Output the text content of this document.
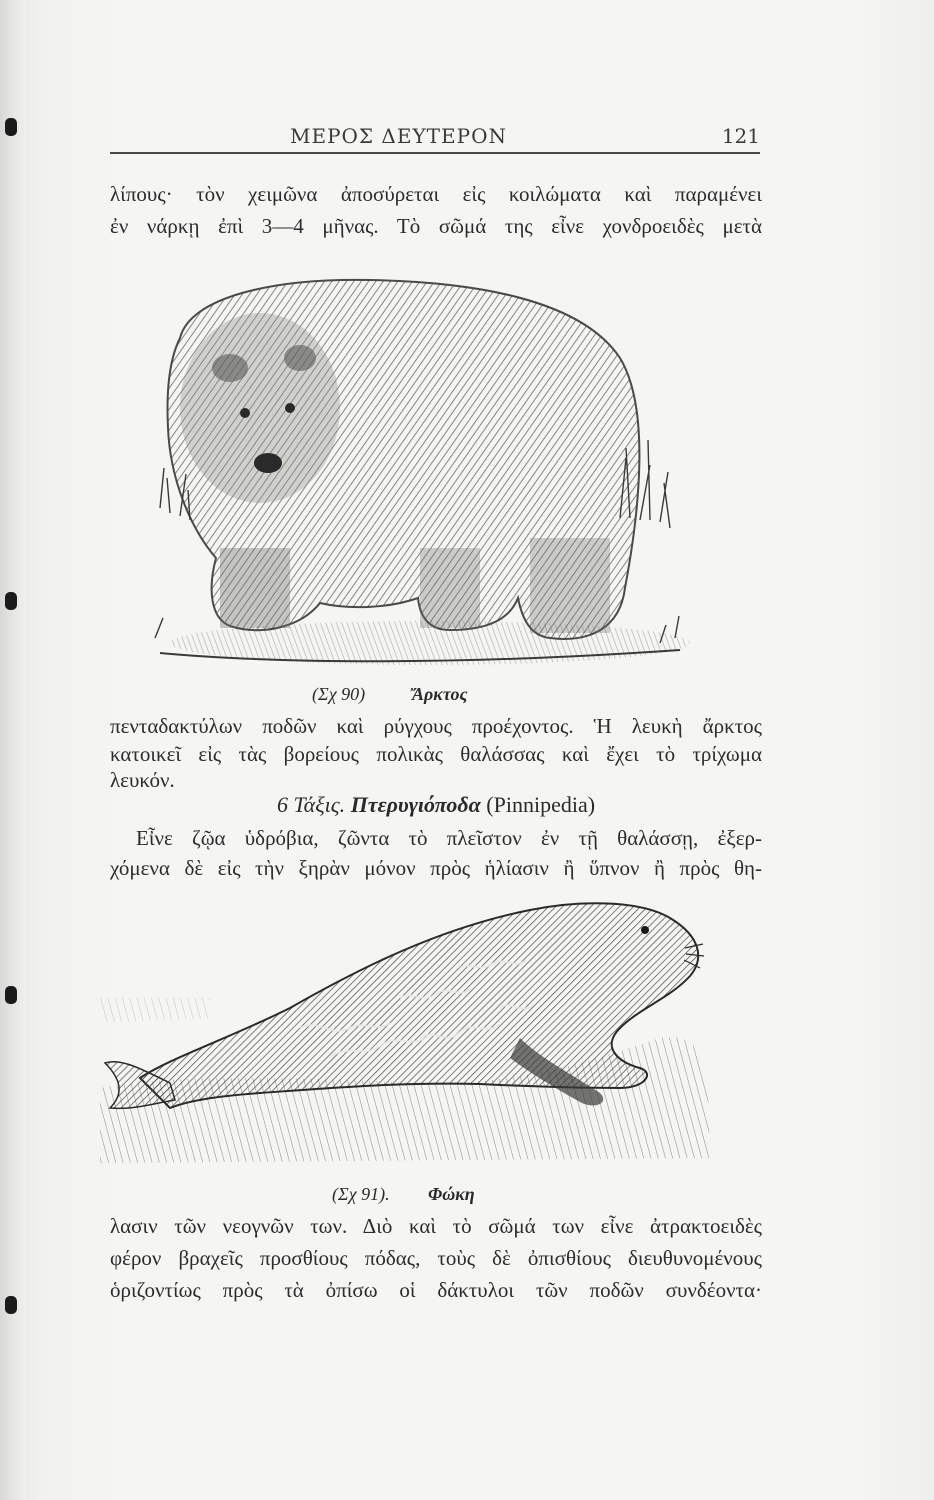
ΜΕΡΟΣ ΔΕΥΤΕΡΟΝ	121
λίπους· τὸν χειμῶνα ἀποσύρεται εἰς κοιλώματα καὶ παραμένει
ἐν νάρκῃ ἐπὶ 3—4 μῆνας. Τὸ σῶμά της εἶνε χονδροειδὲς μετὰ
(Σχ 90)	Ἄρκτος
πενταδακτύλων ποδῶν καὶ ρύγχους προέχοντος. Ἡ λευκὴ ἄρκτος
κατοικεῖ εἰς τὰς βορείους πολικὰς θαλάσσας καὶ ἔχει τὸ τρίχωμα
λευκόν.
6 Τάξις. Πτερυγιόποδα (Pinnipedia)
Εἶνε ζῷα ὑδρόβια, ζῶντα τὸ πλεῖστον ἐν τῇ θαλάσσῃ, ἐξερ-
χόμενα δὲ εἰς τὴν ξηρὰν μόνον πρὸς ἡλίασιν ἢ ὕπνον ἢ πρὸς θη-
(Σχ 91). Φώκη
λασιν τῶν νεογνῶν των. Διὸ καὶ τὸ σῶμά των εἶνε ἀτρακτοειδὲς
φέρον βραχεῖς προσθίους πόδας, τοὺς δὲ ὀπισθίους διευθυνομένους
ὁριζοντίως πρὸς τὰ ὀπίσω οἱ δάκτυλοι τῶν ποδῶν συνδέοντα·
